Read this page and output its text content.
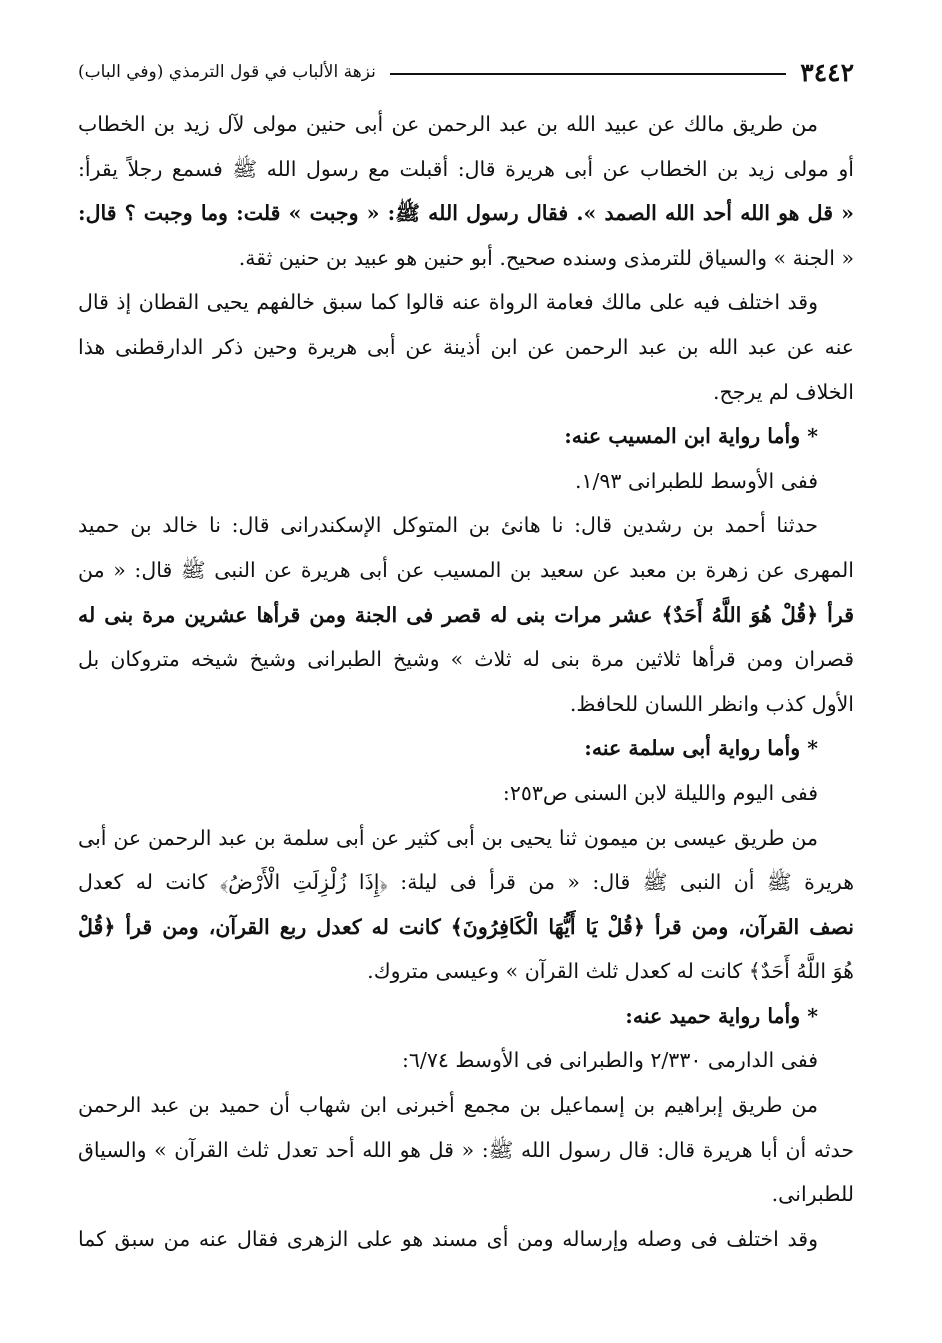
٣٤٤٢
نزهة الألباب في قول الترمذي (وفي الباب)
من طريق مالك عن عبيد الله بن عبد الرحمن عن أبى حنين مولى لآل زيد بن الخطاب
أو مولى زيد بن الخطاب عن أبى هريرة قال: أقبلت مع رسول الله ﷺ فسمع رجلاً يقرأ:
« قل هو الله أحد الله الصمد ». فقال رسول الله ﷺ: « وجبت » قلت: وما وجبت ؟ قال:
« الجنة » والسياق للترمذى وسنده صحيح. أبو حنين هو عبيد بن حنين ثقة.
وقد اختلف فيه على مالك فعامة الرواة عنه قالوا كما سبق خالفهم يحيى القطان إذ قال
عنه عن عبد الله بن عبد الرحمن عن ابن أذينة عن أبى هريرة وحين ذكر الدارقطنى هذا
الخلاف لم يرجح.
* وأما رواية ابن المسيب عنه:
ففى الأوسط للطبرانى ١/٩٣.
حدثنا أحمد بن رشدين قال: نا هانئ بن المتوكل الإسكندرانى قال: نا خالد بن حميد
المهرى عن زهرة بن معبد عن سعيد بن المسيب عن أبى هريرة عن النبى ﷺ قال: « من
قرأ ﴿قُلْ هُوَ اللَّهُ أَحَدٌ﴾ عشر مرات بنى له قصر فى الجنة ومن قرأها عشرين مرة بنى له
قصران ومن قرأها ثلاثين مرة بنى له ثلاث » وشيخ الطبرانى وشيخ شيخه متروكان بل
الأول كذب وانظر اللسان للحافظ.
* وأما رواية أبى سلمة عنه:
ففى اليوم والليلة لابن السنى ص٢٥٣:
من طريق عيسى بن ميمون ثنا يحيى بن أبى كثير عن أبى سلمة بن عبد الرحمن عن أبى
هريرة ﷺ أن النبى ﷺ قال: « من قرأ فى ليلة: ﴿إِذَا زُلْزِلَتِ الْأَرْضُ﴾ كانت له كعدل
نصف القرآن، ومن قرأ ﴿قُلْ يَا أَيُّهَا الْكَافِرُونَ﴾ كانت له كعدل ربع القرآن، ومن قرأ ﴿قُلْ
هُوَ اللَّهُ أَحَدٌ﴾ كانت له كعدل ثلث القرآن » وعيسى متروك.
* وأما رواية حميد عنه:
ففى الدارمى ٢/٣٣٠ والطبرانى فى الأوسط ٦/٧٤:
من طريق إبراهيم بن إسماعيل بن مجمع أخبرنى ابن شهاب أن حميد بن عبد الرحمن
حدثه أن أبا هريرة قال: قال رسول الله ﷺ: « قل هو الله أحد تعدل ثلث القرآن » والسياق
للطبرانى.
وقد اختلف فى وصله وإرساله ومن أى مسند هو على الزهرى فقال عنه من سبق كما
